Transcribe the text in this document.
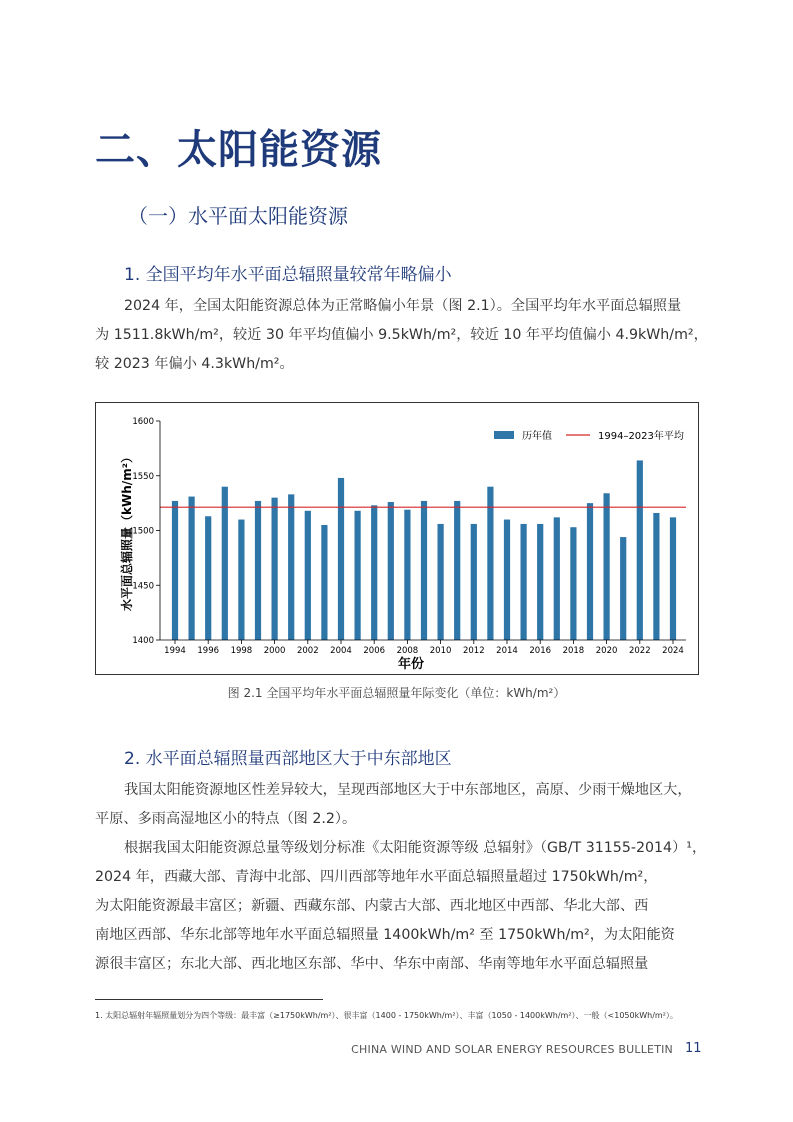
二、太阳能资源
（一）水平面太阳能资源
1. 全国平均年水平面总辐照量较常年略偏小
2024 年，全国太阳能资源总体为正常略偏小年景（图 2.1）。全国平均年水平面总辐照量
为 1511.8kWh/m²，较近 30 年平均值偏小 9.5kWh/m²，较近 10 年平均值偏小 4.9kWh/m²，
较 2023 年偏小 4.3kWh/m²。
1400
1450
1500
1550
1600
1994 1996 1998 2000 2002 2004 2006 2008 2010 2012 2014 2016 2018 2020 2022 2024
年份
水平面总辐照量（kWh/m²）
历年值	1994–2023年平均
图 2.1 全国平均年水平面总辐照量年际变化（单位：kWh/m²）
2. 水平面总辐照量西部地区大于中东部地区
我国太阳能资源地区性差异较大，呈现西部地区大于中东部地区，高原、少雨干燥地区大，
平原、多雨高湿地区小的特点（图 2.2）。
根据我国太阳能资源总量等级划分标准《太阳能资源等级 总辐射》（GB/T 31155-2014）¹，
2024 年，西藏大部、青海中北部、四川西部等地年水平面总辐照量超过 1750kWh/m²，
为太阳能资源最丰富区；新疆、西藏东部、内蒙古大部、西北地区中西部、华北大部、西
南地区西部、华东北部等地年水平面总辐照量 1400kWh/m² 至 1750kWh/m²，为太阳能资
源很丰富区；东北大部、西北地区东部、华中、华东中南部、华南等地年水平面总辐照量
1. 太阳总辐射年辐照量划分为四个等级：最丰富（≥1750kWh/m²）、很丰富（1400 - 1750kWh/m²）、丰富（1050 - 1400kWh/m²）、一般（<1050kWh/m²）。
CHINA WIND AND SOLAR ENERGY RESOURCES BULLETIN 11
